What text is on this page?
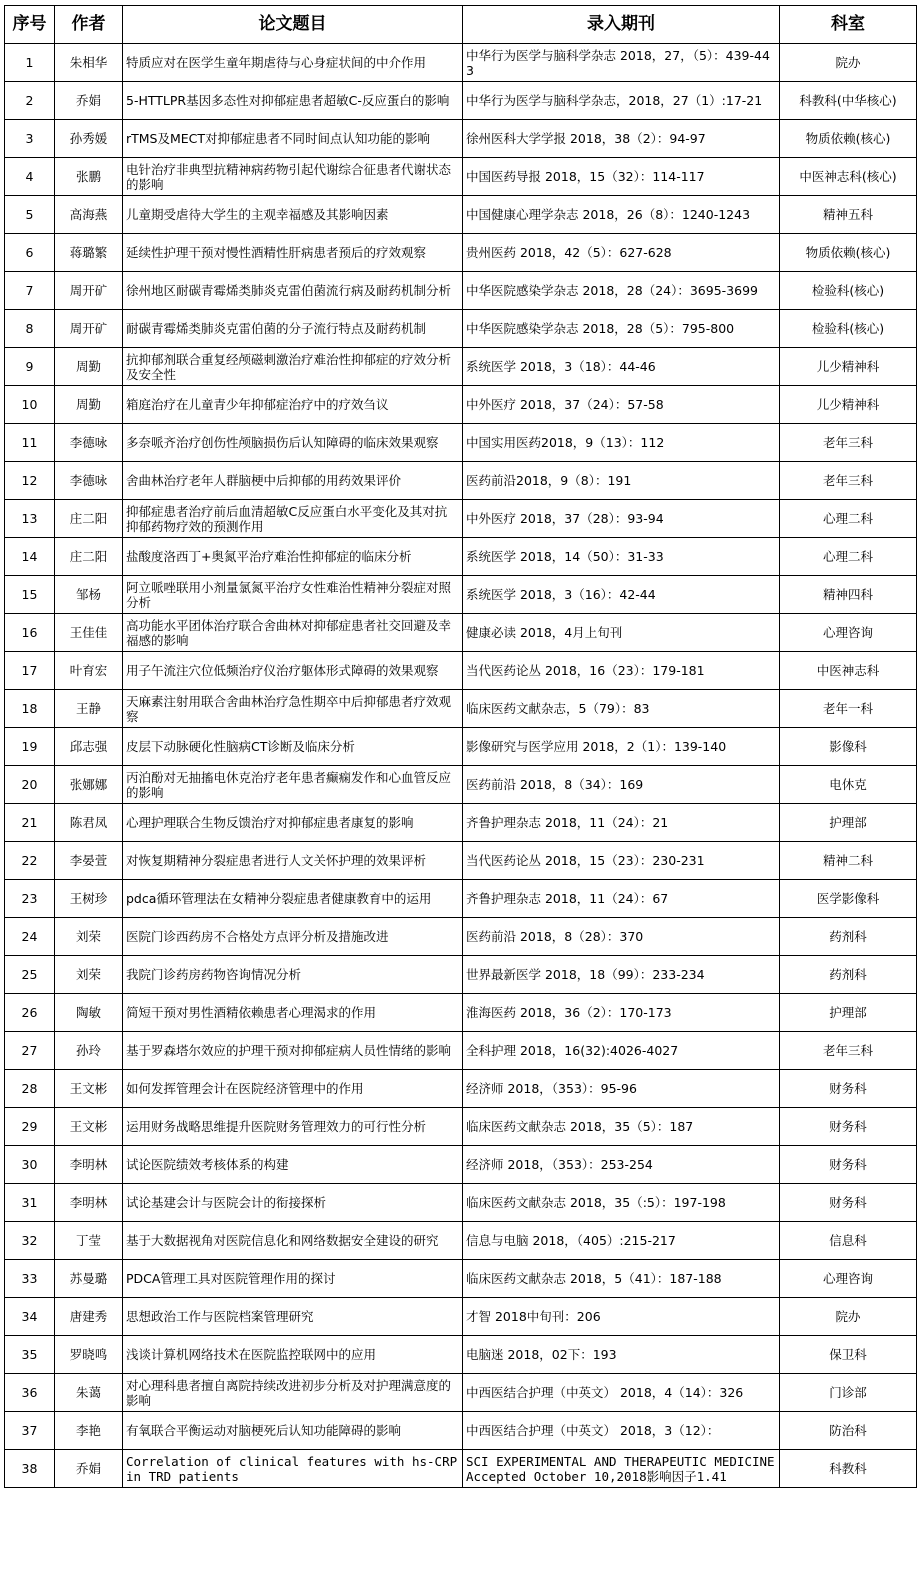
序号	作者	论文题目	录入期刊	科室
1	朱相华	特质应对在医学生童年期虐待与心身症状间的中介作用	中华行为医学与脑科学杂志 2018，27，（5）：439-443	院办
2	乔娟	5-HTTLPR基因多态性对抑郁症患者超敏C-反应蛋白的影响	中华行为医学与脑科学杂志，2018，27（1）:17-21	科教科(中华核心)
3	孙秀媛	rTMS及MECT对抑郁症患者不同时间点认知功能的影响	徐州医科大学学报 2018，38（2）：94-97	物质依赖(核心)
4	张鹏	电针治疗非典型抗精神病药物引起代谢综合征患者代谢状态的影响	中国医药导报 2018，15（32）：114-117	中医神志科(核心)
5	高海燕	儿童期受虐待大学生的主观幸福感及其影响因素	中国健康心理学杂志 2018，26（8）：1240-1243	精神五科
6	蒋璐繁	延续性护理干预对慢性酒精性肝病患者预后的疗效观察	贵州医药 2018，42（5）：627-628	物质依赖(核心)
7	周开矿	徐州地区耐碳青霉烯类肺炎克雷伯菌流行病及耐药机制分析	中华医院感染学杂志 2018，28（24）：3695-3699	检验科(核心)
8	周开矿	耐碳青霉烯类肺炎克雷伯菌的分子流行特点及耐药机制	中华医院感染学杂志 2018，28（5）：795-800	检验科(核心)
9	周勤	抗抑郁剂联合重复经颅磁刺激治疗难治性抑郁症的疗效分析及安全性	系统医学 2018，3（18）：44-46	儿少精神科
10	周勤	箱庭治疗在儿童青少年抑郁症治疗中的疗效刍议	中外医疗 2018，37（24）：57-58	儿少精神科
11	李德咏	多奈哌齐治疗创伤性颅脑损伤后认知障碍的临床效果观察	中国实用医药2018，9（13）：112	老年三科
12	李德咏	舍曲林治疗老年人群脑梗中后抑郁的用药效果评价	医药前沿2018，9（8）：191	老年三科
13	庄二阳	抑郁症患者治疗前后血清超敏C反应蛋白水平变化及其对抗抑郁药物疗效的预测作用	中外医疗 2018，37（28）：93-94	心理二科
14	庄二阳	盐酸度洛西丁+奥氮平治疗难治性抑郁症的临床分析	系统医学 2018，14（50）：31-33	心理二科
15	邹杨	阿立哌唑联用小剂量氯氮平治疗女性难治性精神分裂症对照分析	系统医学 2018，3（16）：42-44	精神四科
16	王佳佳	高功能水平团体治疗联合舍曲林对抑郁症患者社交回避及幸福感的影响	健康必读 2018，4月上旬刊	心理咨询
17	叶育宏	用子午流注穴位低频治疗仪治疗躯体形式障碍的效果观察	当代医药论丛 2018，16（23）：179-181	中医神志科
18	王静	天麻素注射用联合舍曲林治疗急性期卒中后抑郁患者疗效观察	临床医药文献杂志，5（79）：83	老年一科
19	邱志强	皮层下动脉硬化性脑病CT诊断及临床分析	影像研究与医学应用 2018，2（1）：139-140	影像科
20	张娜娜	丙泊酚对无抽搐电休克治疗老年患者癫痫发作和心血管反应的影响	医药前沿 2018，8（34）：169	电休克
21	陈君凤	心理护理联合生物反馈治疗对抑郁症患者康复的影响	齐鲁护理杂志 2018，11（24）：21	护理部
22	李晏萱	对恢复期精神分裂症患者进行人文关怀护理的效果评析	当代医药论丛 2018，15（23）：230-231	精神二科
23	王树珍	pdca循环管理法在女精神分裂症患者健康教育中的运用	齐鲁护理杂志 2018，11（24）：67	医学影像科
24	刘荣	医院门诊西药房不合格处方点评分析及措施改进	医药前沿 2018，8（28）：370	药剂科
25	刘荣	我院门诊药房药物咨询情况分析	世界最新医学 2018，18（99）：233-234	药剂科
26	陶敏	简短干预对男性酒精依赖患者心理渴求的作用	淮海医药 2018，36（2）：170-173	护理部
27	孙玲	基于罗森塔尔效应的护理干预对抑郁症病人员性情绪的影响	全科护理 2018，16(32):4026-4027	老年三科
28	王文彬	如何发挥管理会计在医院经济管理中的作用	经济师 2018，（353）：95-96	财务科
29	王文彬	运用财务战略思维提升医院财务管理效力的可行性分析	临床医药文献杂志 2018，35（5）：187	财务科
30	李明林	试论医院绩效考核体系的构建	经济师 2018，（353）：253-254	财务科
31	李明林	试论基建会计与医院会计的衔接探析	临床医药文献杂志 2018，35（:5）：197-198	财务科
32	丁莹	基于大数据视角对医院信息化和网络数据安全建设的研究	信息与电脑 2018，（405）:215-217	信息科
33	苏曼璐	PDCA管理工具对医院管理作用的探讨	临床医药文献杂志 2018，5（41）：187-188	心理咨询
34	唐建秀	思想政治工作与医院档案管理研究	才智 2018中旬刊：206	院办
35	罗晓鸣	浅谈计算机网络技术在医院监控联网中的应用	电脑迷 2018，02下：193	保卫科
36	朱蔼	对心理科患者擅自离院持续改进初步分析及对护理满意度的影响	中西医结合护理（中英文） 2018，4（14）：326	门诊部
37	李艳	有氧联合平衡运动对脑梗死后认知功能障碍的影响	中西医结合护理（中英文） 2018，3（12）：	防治科
38	乔娟	Correlation of clinical features with hs-CRP in TRD patients	SCI EXPERIMENTAL AND THERAPEUTIC MEDICINE Accepted October 10,2018影响因子1.41	科教科
